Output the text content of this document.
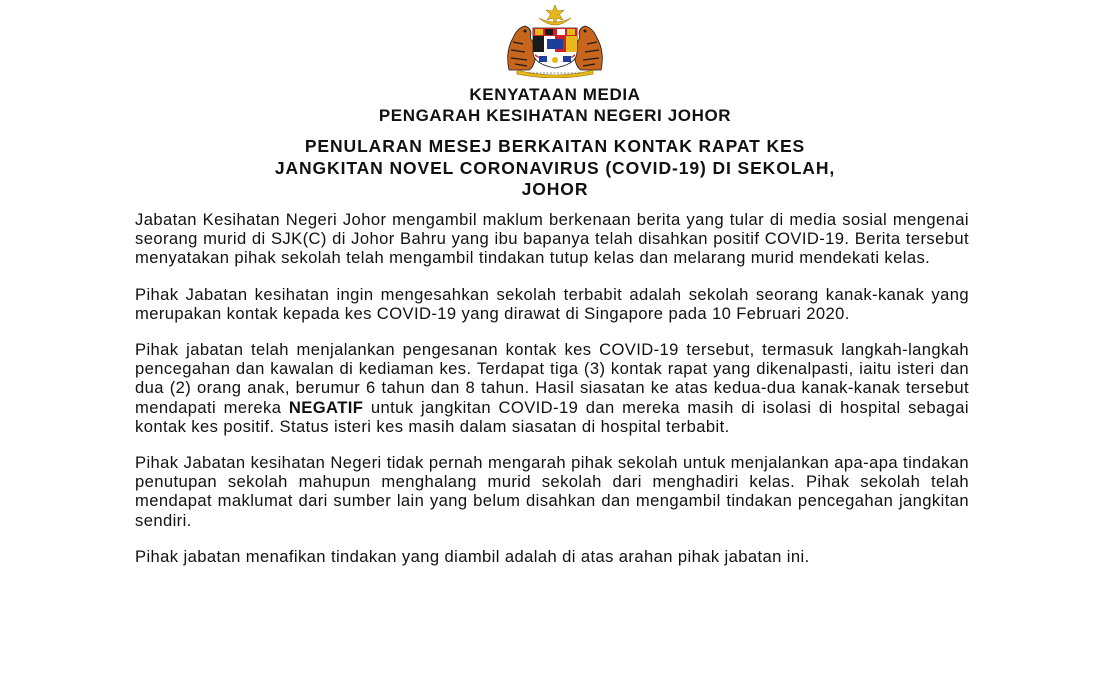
KENYATAAN MEDIA
PENGARAH KESIHATAN NEGERI JOHOR
PENULARAN MESEJ BERKAITAN KONTAK RAPAT KES
JANGKITAN NOVEL CORONAVIRUS (COVID-19) DI SEKOLAH,
JOHOR

Jabatan Kesihatan Negeri Johor mengambil maklum berkenaan berita yang tular di media sosial mengenai seorang murid di SJK(C) di Johor Bahru yang ibu bapanya telah disahkan positif COVID-19. Berita tersebut menyatakan pihak sekolah telah mengambil tindakan tutup kelas dan melarang murid mendekati kelas.

Pihak Jabatan kesihatan ingin mengesahkan sekolah terbabit adalah sekolah seorang kanak-kanak yang merupakan kontak kepada kes COVID-19 yang dirawat di Singapore pada 10 Februari 2020.

Pihak jabatan telah menjalankan pengesanan kontak kes COVID-19 tersebut, termasuk langkah-langkah pencegahan dan kawalan di kediaman kes. Terdapat tiga (3) kontak rapat yang dikenalpasti, iaitu isteri dan dua (2) orang anak, berumur 6 tahun dan 8 tahun. Hasil siasatan ke atas kedua-dua kanak-kanak tersebut mendapati mereka NEGATIF untuk jangkitan COVID-19 dan mereka masih di isolasi di hospital sebagai kontak kes positif. Status isteri kes masih dalam siasatan di hospital terbabit.

Pihak Jabatan kesihatan Negeri tidak pernah mengarah pihak sekolah untuk menjalankan apa-apa tindakan penutupan sekolah mahupun menghalang murid sekolah dari menghadiri kelas. Pihak sekolah telah mendapat maklumat dari sumber lain yang belum disahkan dan mengambil tindakan pencegahan jangkitan sendiri.

Pihak jabatan menafikan tindakan yang diambil adalah di atas arahan pihak jabatan ini.
